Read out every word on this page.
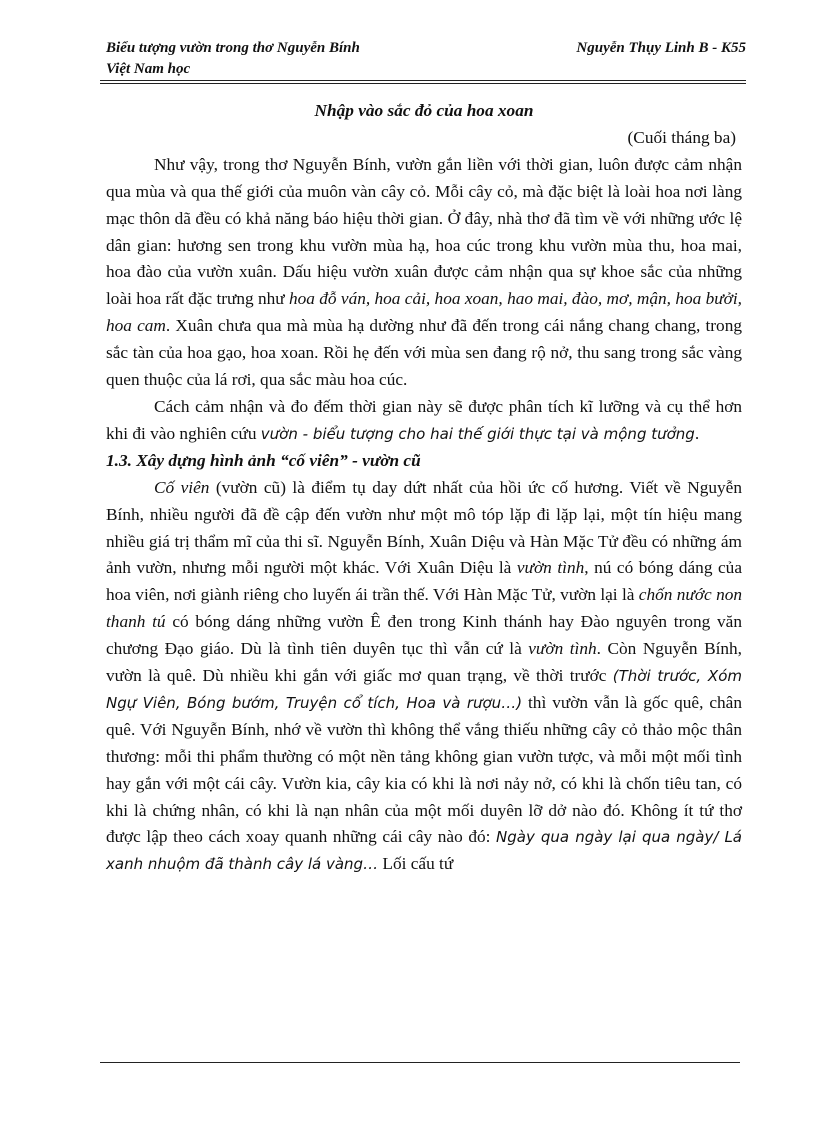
Biểu tượng vườn trong thơ Nguyễn Bính	Nguyễn Thụy Linh B - K55
Việt Nam học

Nhập vào sắc đỏ của hoa xoan

(Cuối tháng ba)

Như vậy, trong thơ Nguyễn Bính, vườn gắn liền với thời gian, luôn được cảm nhận qua mùa và qua thế giới của muôn vàn cây cỏ. Mỗi cây cỏ, mà đặc biệt là loài hoa nơi làng mạc thôn dã đều có khả năng báo hiệu thời gian. Ở đây, nhà thơ đã tìm về với những ước lệ dân gian: hương sen trong khu vườn mùa hạ, hoa cúc trong khu vườn mùa thu, hoa mai, hoa đào của vườn xuân. Dấu hiệu vườn xuân được cảm nhận qua sự khoe sắc của những loài hoa rất đặc trưng như hoa đỗ ván, hoa cải, hoa xoan, hao mai, đào, mơ, mận, hoa bưởi, hoa cam. Xuân chưa qua mà mùa hạ dường như đã đến trong cái nắng chang chang, trong sắc tàn của hoa gạo, hoa xoan. Rồi hẹ đến với mùa sen đang rộ nở, thu sang trong sắc vàng quen thuộc của lá rơi, qua sắc màu hoa cúc.

Cách cảm nhận và đo đếm thời gian này sẽ được phân tích kĩ lưỡng và cụ thể hơn khi đi vào nghiên cứu vườn - biểu tượng cho hai thế giới thực tại và mộng tưởng.

1.3. Xây dựng hình ảnh “cố viên” - vườn cũ

Cố viên (vườn cũ) là điểm tụ day dứt nhất của hồi ức cố hương. Viết về Nguyễn Bính, nhiều người đã đề cập đến vườn như một mô tóp lặp đi lặp lại, một tín hiệu mang nhiều giá trị thẩm mĩ của thi sĩ. Nguyễn Bính, Xuân Diệu và Hàn Mặc Tử đều có những ám ảnh vườn, nhưng mỗi người một khác. Với Xuân Diệu là vườn tình, nú có bóng dáng của hoa viên, nơi giành riêng cho luyến ái trần thế. Với Hàn Mặc Tử, vườn lại là chốn nước non thanh tú có bóng dáng những vườn Ê đen trong Kinh thánh hay Đào nguyên trong văn chương Đạo giáo. Dù là tình tiên duyên tục thì vẫn cứ là vườn tình. Còn Nguyễn Bính, vườn là quê. Dù nhiều khi gắn với giấc mơ quan trạng, về thời trước (Thời trước, Xóm Ngự Viên, Bóng bướm, Truyện cổ tích, Hoa và rượu…) thì vườn vẫn là gốc quê, chân quê. Với Nguyễn Bính, nhớ về vườn thì không thể vắng thiếu những cây cỏ thảo mộc thân thương: mỗi thi phẩm thường có một nền tảng không gian vườn tược, và mỗi một mối tình hay gắn với một cái cây. Vườn kia, cây kia có khi là nơi nảy nở, có khi là chốn tiêu tan, có khi là chứng nhân, có khi là nạn nhân của một mối duyên lỡ dở nào đó. Không ít tứ thơ được lập theo cách xoay quanh những cái cây nào đó: Ngày qua ngày lại qua ngày/ Lá xanh nhuộm đã thành cây lá vàng… Lối cấu tứ
